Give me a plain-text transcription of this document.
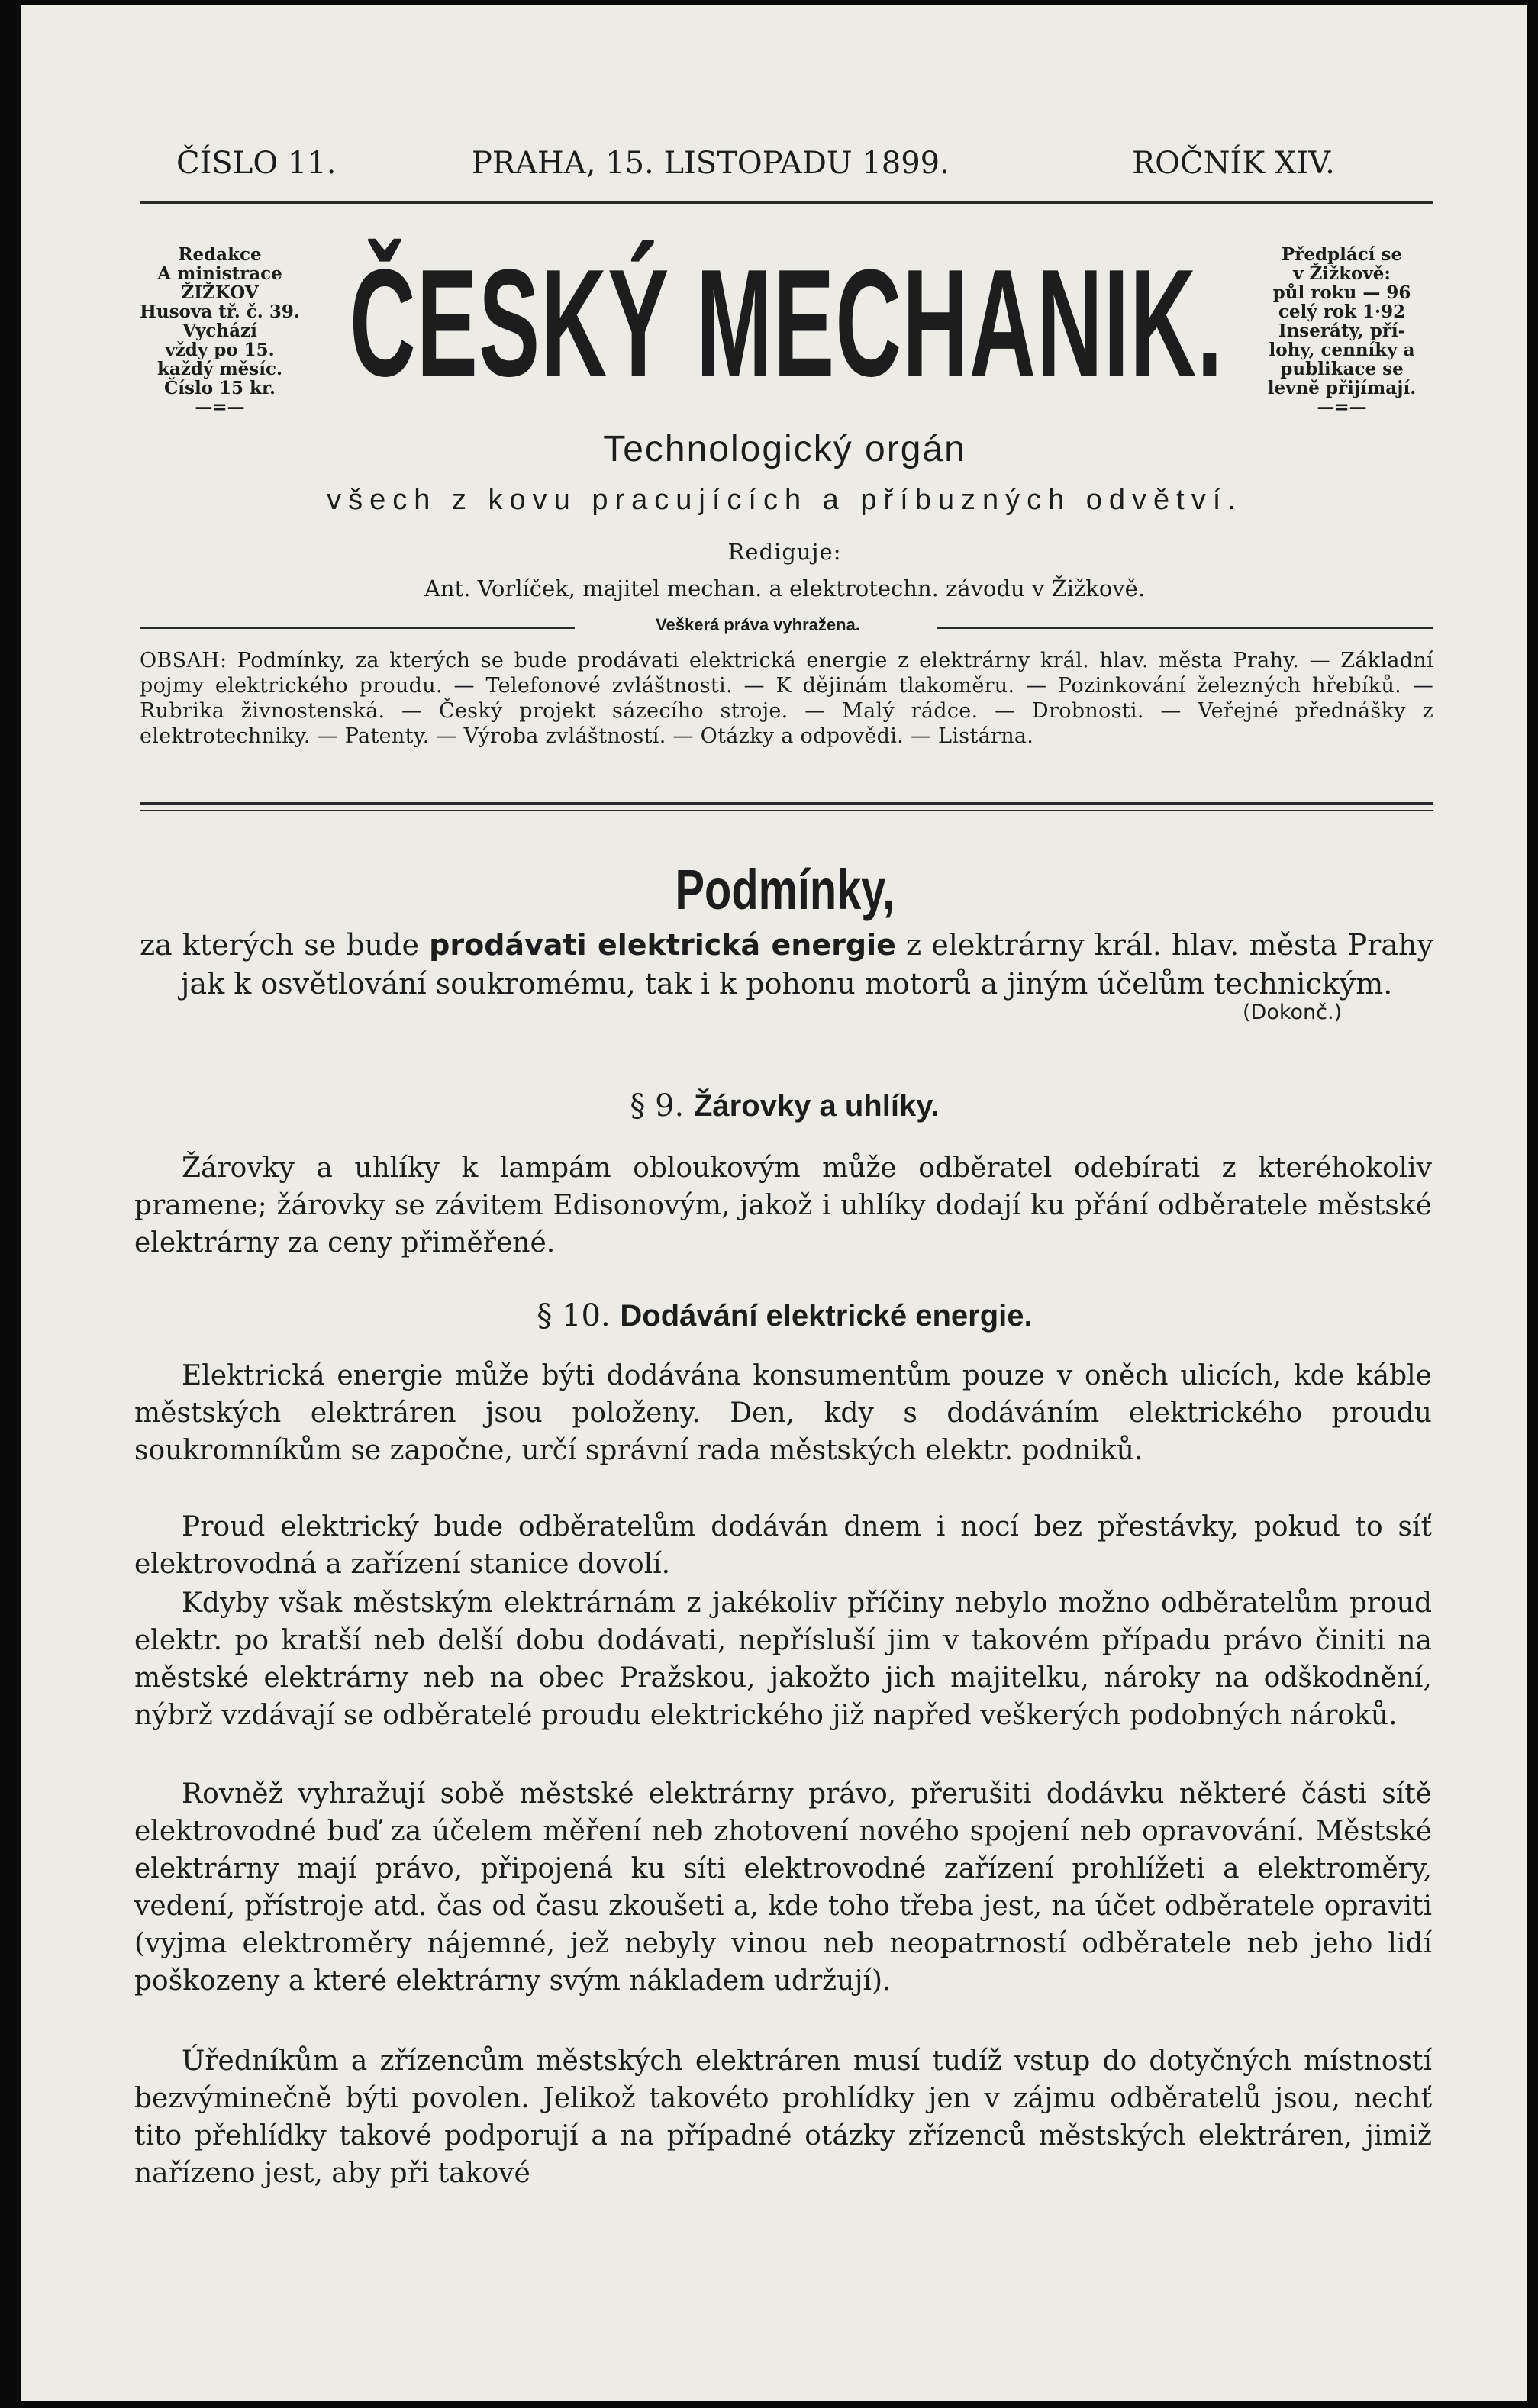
ČÍSLO 11.	PRAHA, 15. LISTOPADU 1899.	ROČNÍK XIV.
Redakce
A ministrace
ŽIŽKOV
Husova tř. č. 39.
Vychází
vždy po 15.
každý měsíc.
Číslo 15 kr.
—=— ČESKÝ MECHANIK.	Předplácí se
v Žižkově:
půl roku — 96
celý rok 1·92
Inseráty, pří-
lohy, cenníky a
publikace se
levně přijímají.
—=—
Technologický orgán
všech z kovu pracujících a příbuzných odvětví.
Rediguje:
Ant. Vorlíček, majitel mechan. a elektrotechn. závodu v Žižkově.
Veškerá práva vyhražena.
OBSAH: Podmínky, za kterých se bude prodávati elektrická energie z elektrárny král. hlav. města Prahy. — Základní pojmy elektrického proudu. — Telefonové zvláštnosti. — K dějinám tlakoměru. — Pozinkování železných hřebíků. — Rubrika živnostenská. — Český projekt sázecího stroje. — Malý rádce. — Drobnosti. — Veřejné přednášky z elektrotechniky. — Patenty. — Výroba zvláštností. — Otázky a odpovědi. — Listárna.
Podmínky,
za kterých se bude prodávati elektrická energie z elektrárny král. hlav. města Prahy jak k osvětlování soukromému, tak i k pohonu motorů a jiným účelům technickým.
(Dokonč.)
§ 9. Žárovky a uhlíky.

Žárovky a uhlíky k lampám obloukovým může odběratel odebírati z kteréhokoliv pramene; žárovky se závitem Edisonovým, jakož i uhlíky dodají ku přání odběratele městské elektrárny za ceny přiměřené.

§ 10. Dodávání elektrické energie.

Elektrická energie může býti dodávána konsumentům pouze v oněch ulicích, kde káble městských elektráren jsou položeny. Den, kdy s dodáváním elektrického proudu soukromníkům se započne, určí správní rada městských elektr. podniků.

Proud elektrický bude odběratelům dodáván dnem i nocí bez přestávky, pokud to síť elektrovodná a zařízení stanice dovolí.

Kdyby však městským elektrárnám z jakékoliv příčiny nebylo možno odběratelům proud elektr. po kratší neb delší dobu dodávati, nepřísluší jim v takovém případu právo činiti na městské elektrárny neb na obec Pražskou, jakožto jich majitelku, nároky na odškodnění, nýbrž vzdávají se odběratelé proudu elektrického již napřed veškerých podobných nároků.

Rovněž vyhražují sobě městské elektrárny právo, přerušiti dodávku některé části sítě elektrovodné buď za účelem měření neb zhotovení nového spojení neb opravování. Městské elektrárny mají právo, připojená ku síti elektrovodné zařízení prohlížeti a elektroměry, vedení, přístroje atd. čas od času zkoušeti a, kde toho třeba jest, na účet odběratele opraviti (vyjma elektroměry nájemné, jež nebyly vinou neb neopatrností odběratele neb jeho lidí poškozeny a které elektrárny svým nákladem udržují).

Úředníkům a zřízencům městských elektráren musí tudíž vstup do dotyčných místností bezvýminečně býti povolen. Jelikož takovéto prohlídky jen v zájmu odběratelů jsou, nechť tito přehlídky takové podporují a na případné otázky zřízenců městských elektráren, jimiž nařízeno jest, aby při takové
